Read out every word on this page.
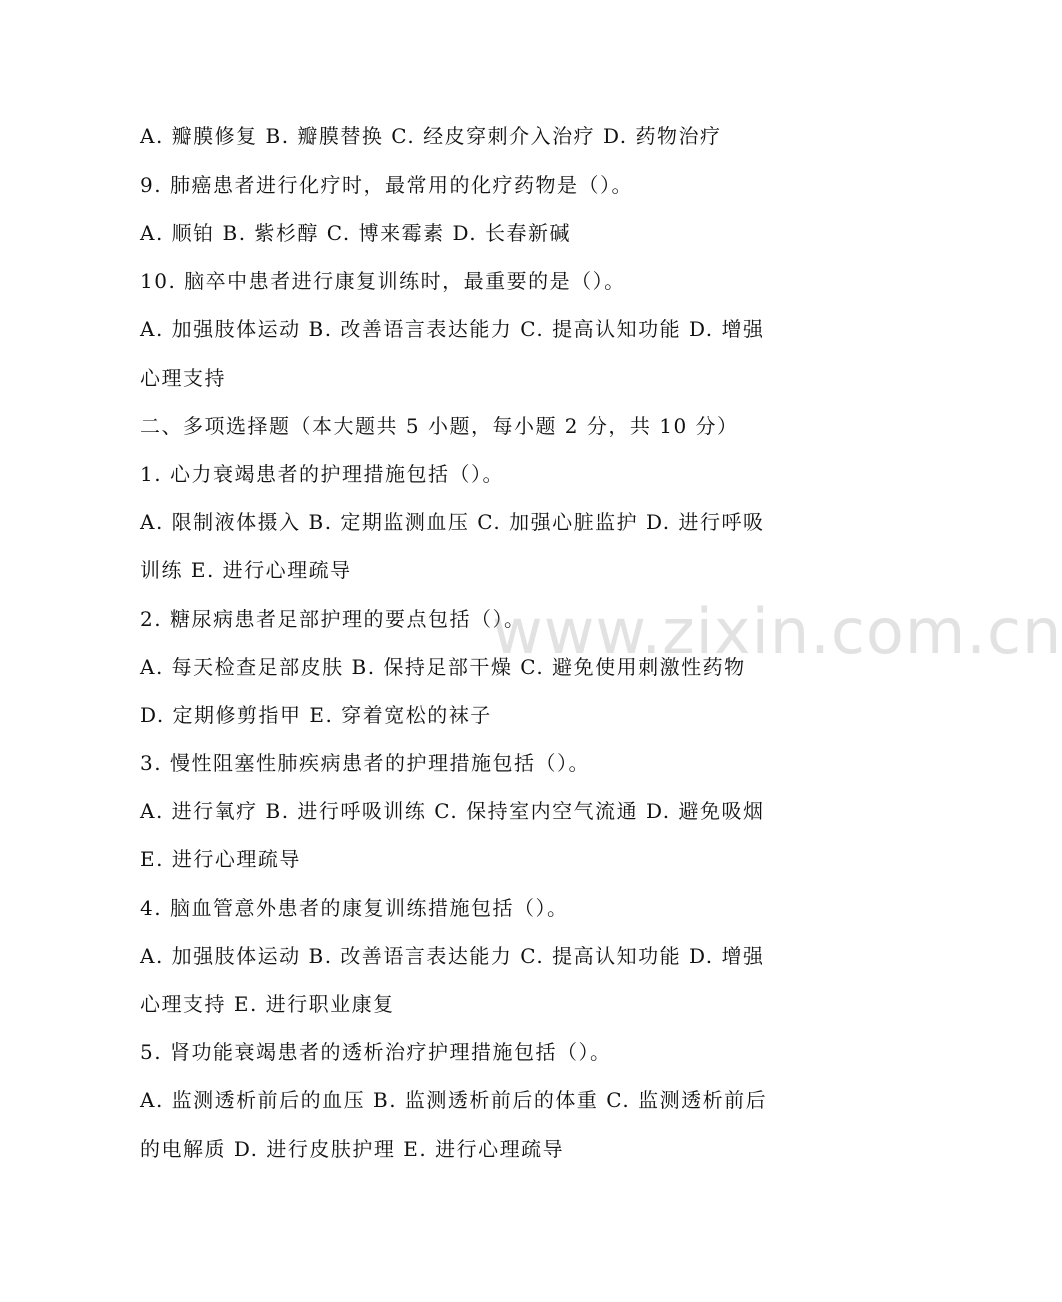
A. 瓣膜修复 B. 瓣膜替换 C. 经皮穿刺介入治疗 D. 药物治疗
9. 肺癌患者进行化疗时，最常用的化疗药物是（）。
A. 顺铂 B. 紫杉醇 C. 博来霉素 D. 长春新碱
10. 脑卒中患者进行康复训练时，最重要的是（）。
A. 加强肢体运动 B. 改善语言表达能力 C. 提高认知功能 D. 增强
心理支持
二、多项选择题（本大题共 5 小题，每小题 2 分，共 10 分）
1. 心力衰竭患者的护理措施包括（）。
A. 限制液体摄入 B. 定期监测血压 C. 加强心脏监护 D. 进行呼吸
训练 E. 进行心理疏导
2. 糖尿病患者足部护理的要点包括（）。
A. 每天检查足部皮肤 B. 保持足部干燥 C. 避免使用刺激性药物
D. 定期修剪指甲 E. 穿着宽松的袜子
3. 慢性阻塞性肺疾病患者的护理措施包括（）。
A. 进行氧疗 B. 进行呼吸训练 C. 保持室内空气流通 D. 避免吸烟
E. 进行心理疏导
4. 脑血管意外患者的康复训练措施包括（）。
A. 加强肢体运动 B. 改善语言表达能力 C. 提高认知功能 D. 增强
心理支持 E. 进行职业康复
5. 肾功能衰竭患者的透析治疗护理措施包括（）。
A. 监测透析前后的血压 B. 监测透析前后的体重 C. 监测透析前后
的电解质 D. 进行皮肤护理 E. 进行心理疏导
www.zixin.com.cn
